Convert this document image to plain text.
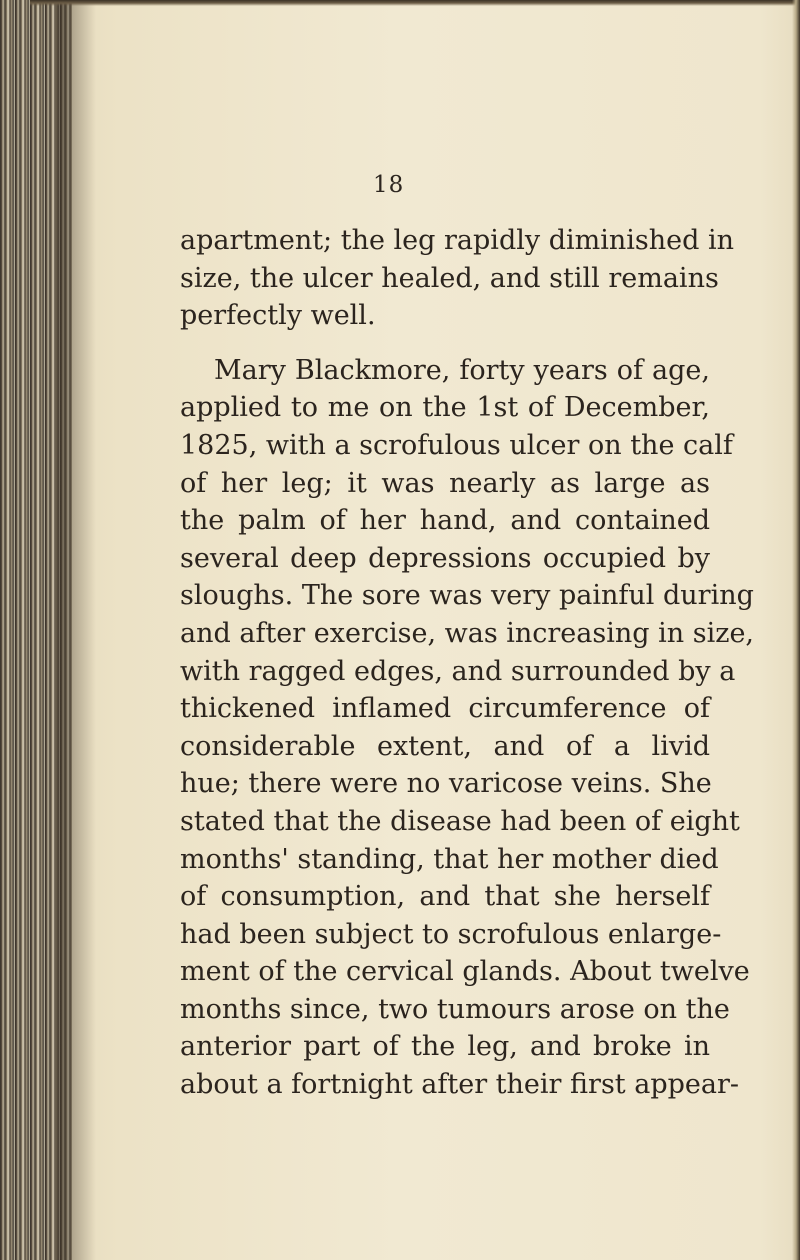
18
apartment; the leg rapidly diminished in
size, the ulcer healed, and still remains
perfectly well.
Mary Blackmore, forty years of age,
applied to me on the 1st of December,
1825, with a scrofulous ulcer on the calf
of her leg; it was nearly as large as
the palm of her hand, and contained
several deep depressions occupied by
sloughs. The sore was very painful during
and after exercise, was increasing in size,
with ragged edges, and surrounded by a
thickened inflamed circumference of
considerable extent, and of a livid
hue; there were no varicose veins. She
stated that the disease had been of eight
months' standing, that her mother died
of consumption, and that she herself
had been subject to scrofulous enlarge-
ment of the cervical glands. About twelve
months since, two tumours arose on the
anterior part of the leg, and broke in
about a fortnight after their first appear-
